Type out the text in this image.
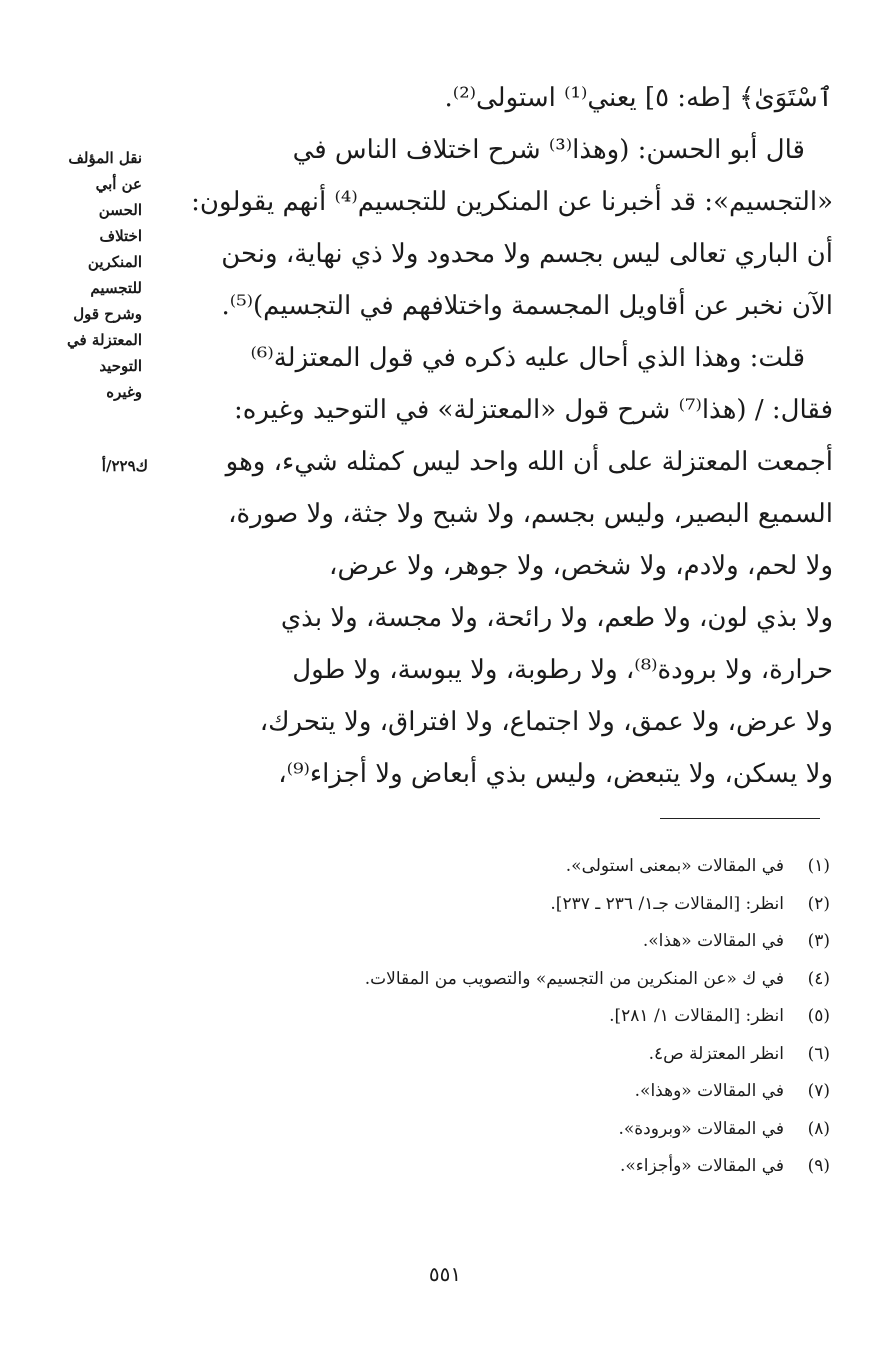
ٱسْتَوَىٰ﴾ [طه: ٥] يعني⁽¹⁾ استولى⁽²⁾.
قال أبو الحسن: (وهذا⁽³⁾ شرح اختلاف الناس في
«التجسيم»: قد أخبرنا عن المنكرين للتجسيم⁽⁴⁾ أنهم يقولون:
أن الباري تعالى ليس بجسم ولا محدود ولا ذي نهاية، ونحن
الآن نخبر عن أقاويل المجسمة واختلافهم في التجسيم)⁽⁵⁾.
قلت: وهذا الذي أحال عليه ذكره في قول المعتزلة⁽⁶⁾
فقال: / (هذا⁽⁷⁾ شرح قول «المعتزلة» في التوحيد وغيره:
أجمعت المعتزلة على أن الله واحد ليس كمثله شيء، وهو
السميع البصير، وليس بجسم، ولا شبح ولا جثة، ولا صورة،
ولا لحم، ولادم، ولا شخص، ولا جوهر، ولا عرض،
ولا بذي لون، ولا طعم، ولا رائحة، ولا مجسة، ولا بذي
حرارة، ولا برودة⁽⁸⁾، ولا رطوبة، ولا يبوسة، ولا طول
ولا عرض، ولا عمق، ولا اجتماع، ولا افتراق، ولا يتحرك،
ولا يسكن، ولا يتبعض، وليس بذي أبعاض ولا أجزاء⁽⁹⁾،
نقل المؤلف
عن أبي
الحسن
اختلاف
المنكرين
للتجسيم
وشرح قول
المعتزلة في
التوحيد
وغيره
ك٢٢٩/أ
(١)في المقالات «بمعنى استولى».
(٢)انظر: [المقالات جـ١/ ٢٣٦ ـ ٢٣٧].
(٣)في المقالات «هذا».
(٤)في ك «عن المنكرين من التجسيم» والتصويب من المقالات.
(٥)انظر: [المقالات ١/ ٢٨١].
(٦)انظر المعتزلة ص٤.
(٧)في المقالات «وهذا».
(٨)في المقالات «وبرودة».
(٩)في المقالات «وأجزاء».
٥٥١
